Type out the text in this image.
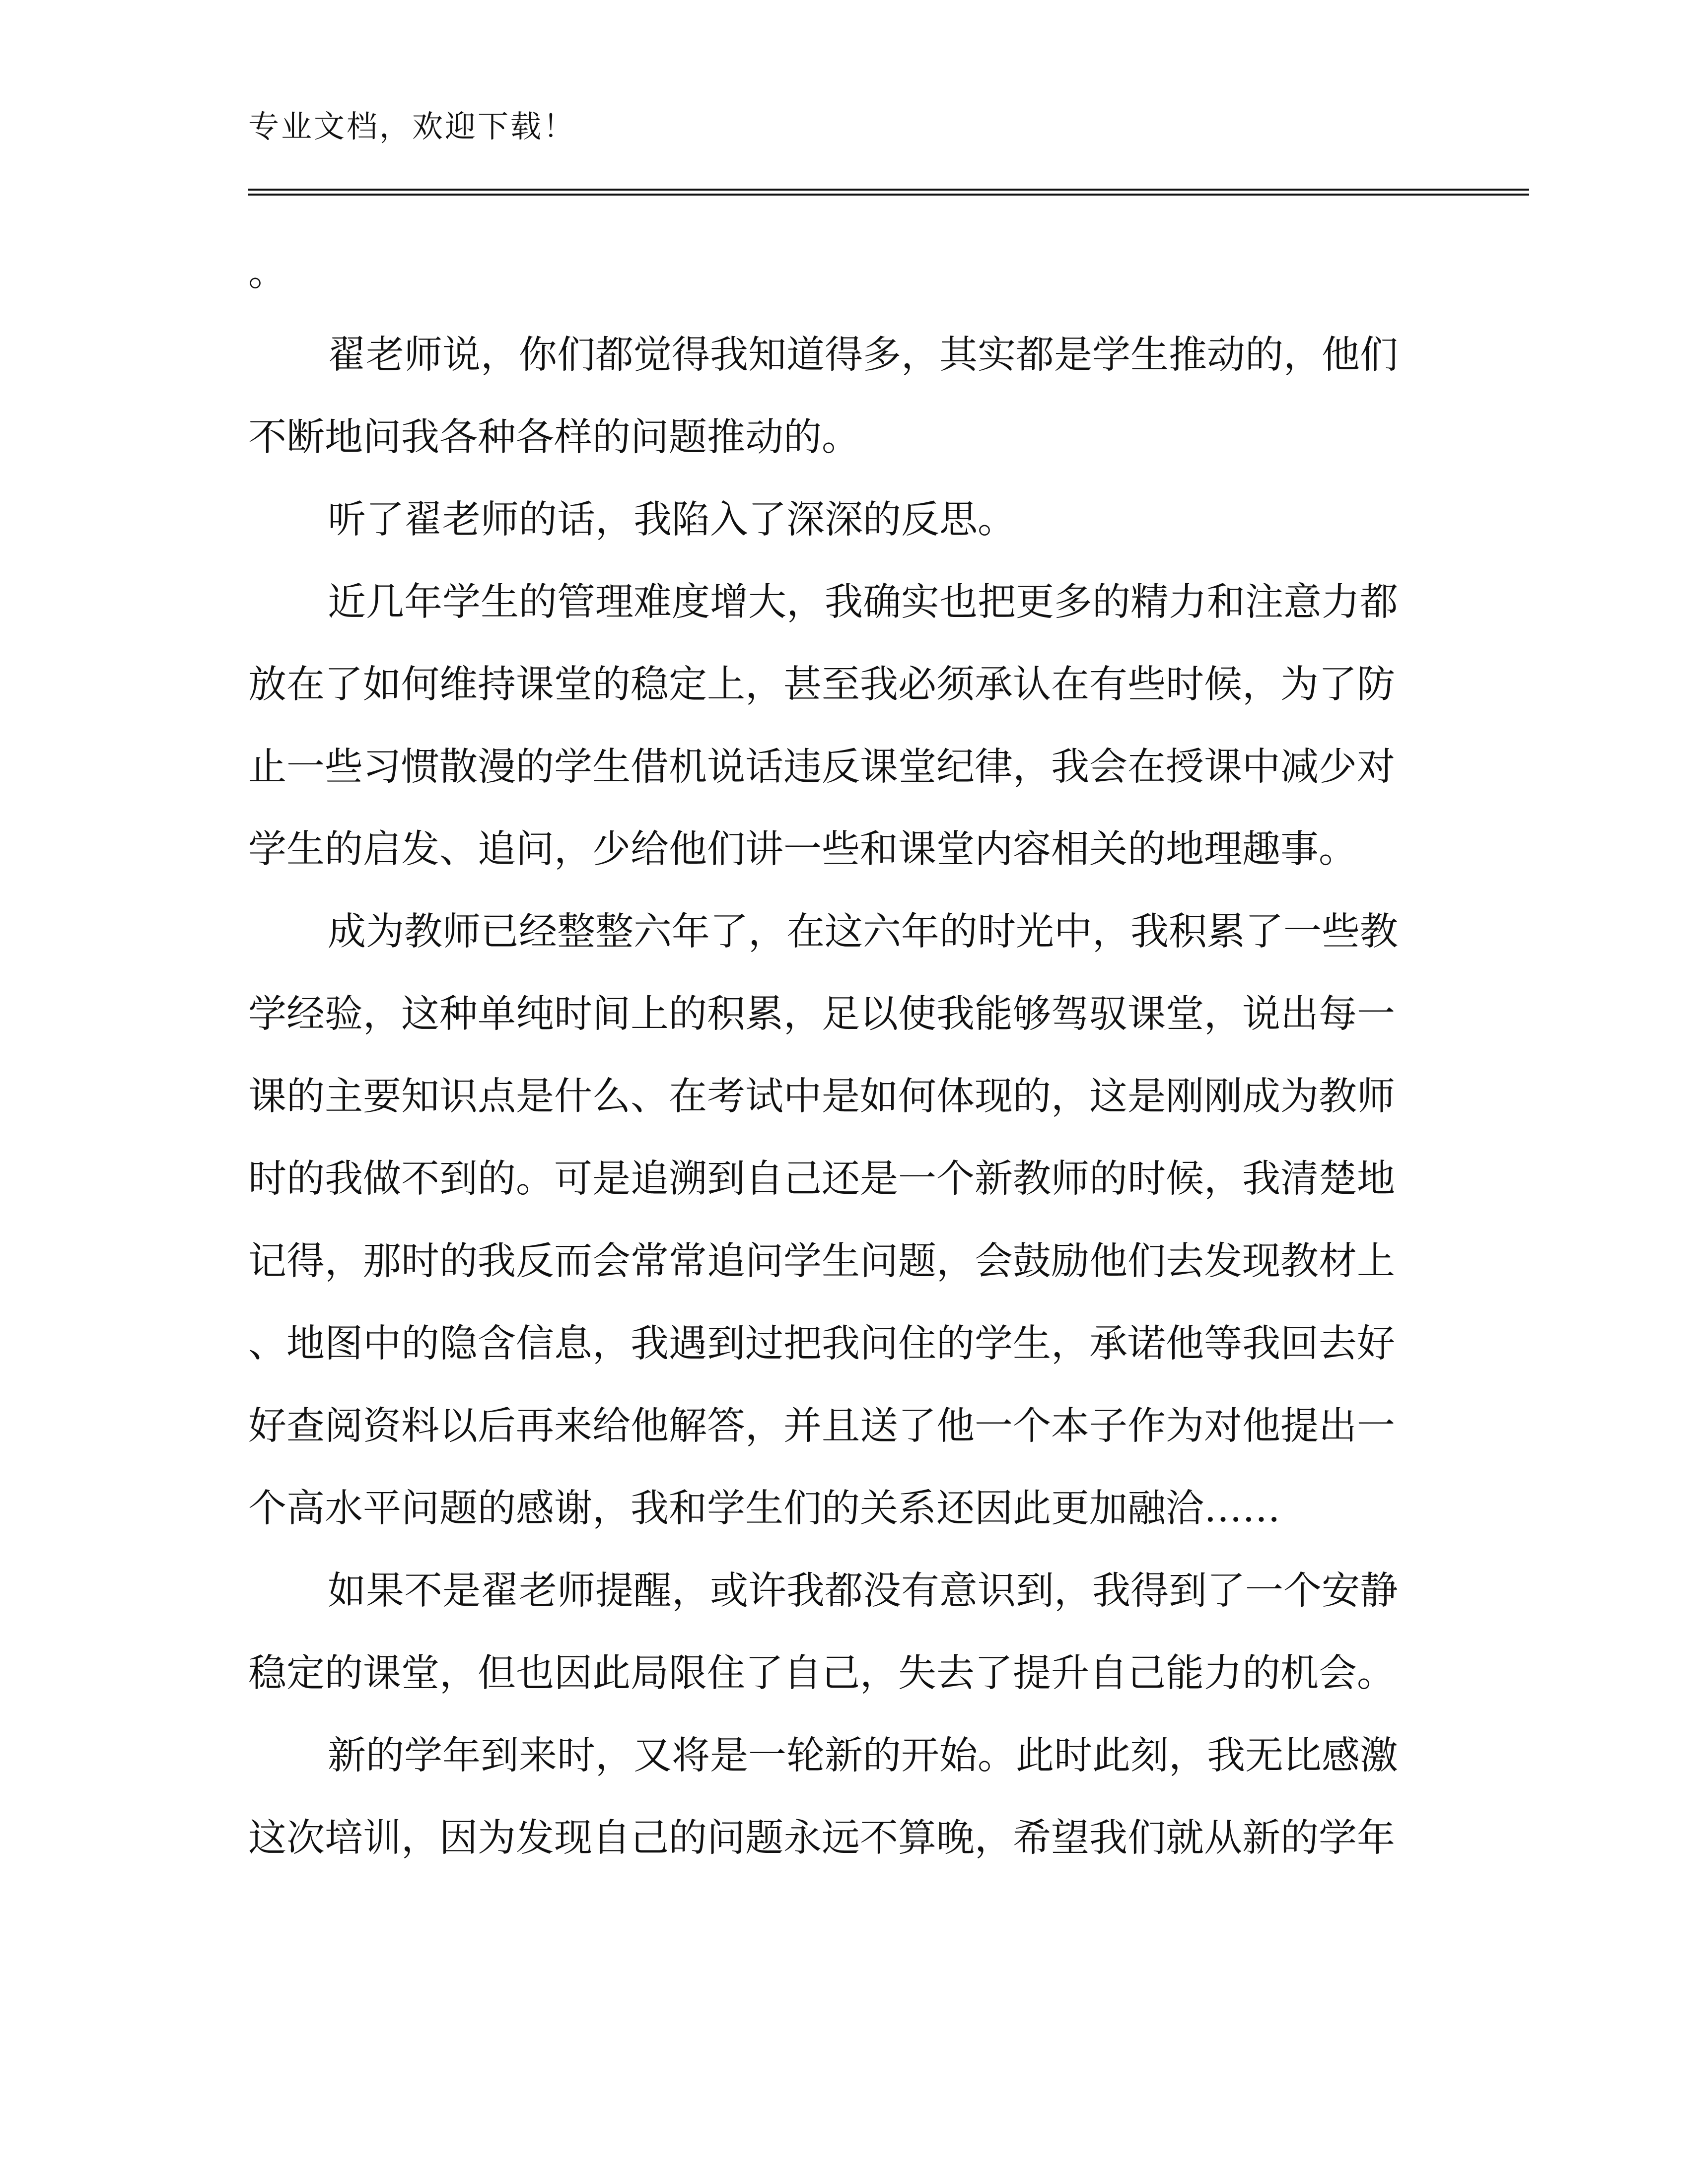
专业文档，欢迎下载！
。
翟老师说，你们都觉得我知道得多，其实都是学生推动的，他们
不断地问我各种各样的问题推动的。
听了翟老师的话，我陷入了深深的反思。
近几年学生的管理难度增大，我确实也把更多的精力和注意力都
放在了如何维持课堂的稳定上，甚至我必须承认在有些时候，为了防
止一些习惯散漫的学生借机说话违反课堂纪律，我会在授课中减少对
学生的启发、追问，少给他们讲一些和课堂内容相关的地理趣事。
成为教师已经整整六年了，在这六年的时光中，我积累了一些教
学经验，这种单纯时间上的积累，足以使我能够驾驭课堂，说出每一
课的主要知识点是什么、在考试中是如何体现的，这是刚刚成为教师
时的我做不到的。可是追溯到自己还是一个新教师的时候，我清楚地
记得，那时的我反而会常常追问学生问题，会鼓励他们去发现教材上
、地图中的隐含信息，我遇到过把我问住的学生，承诺他等我回去好
好查阅资料以后再来给他解答，并且送了他一个本子作为对他提出一
个高水平问题的感谢，我和学生们的关系还因此更加融洽……
如果不是翟老师提醒，或许我都没有意识到，我得到了一个安静
稳定的课堂，但也因此局限住了自己，失去了提升自己能力的机会。
新的学年到来时，又将是一轮新的开始。此时此刻，我无比感激
这次培训，因为发现自己的问题永远不算晚，希望我们就从新的学年
